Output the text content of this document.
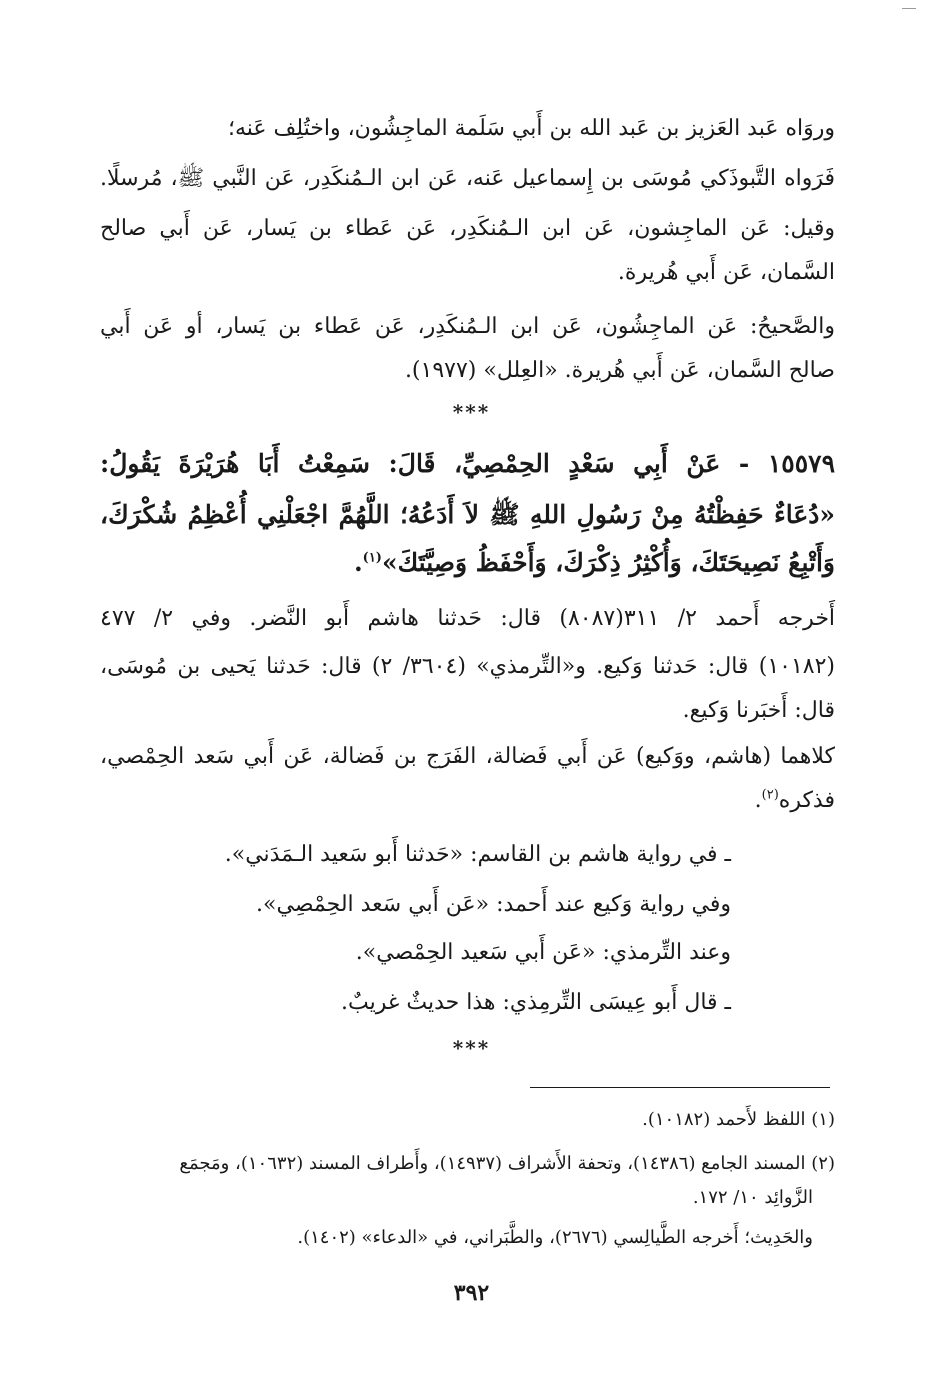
وروَاه عَبد العَزيز بن عَبد الله بن أَبي سَلَمة الماجِشُون، واختُلِف عَنه؛
فَرَواه التَّبوذَكي مُوسَى بن إِسماعيل عَنه، عَن ابن الـمُنكَدِر، عَن النَّبي ﷺ، مُرسلًا.
وقيل: عَن الماجِشون، عَن ابن الـمُنكَدِر، عَن عَطاء بن يَسار، عَن أَبي صالح
السَّمان، عَن أَبي هُريرة.
والصَّحيحُ: عَن الماجِشُون، عَن ابن الـمُنكَدِر، عَن عَطاء بن يَسار، أو عَن أَبي
صالح السَّمان، عَن أَبي هُريرة. «العِلل» (١٩٧٧).
***
١٥٥٧٩ - عَنْ أَبِي سَعْدٍ الحِمْصِيِّ، قَالَ: سَمِعْتُ أَبَا هُرَيْرَةَ يَقُولُ:
«دُعَاءٌ حَفِظْتُهُ مِنْ رَسُولِ اللهِ ﷺ لاَ أَدَعُهُ؛ اللَّهُمَّ اجْعَلْنِي أُعْظِمُ شُكْرَكَ،
وَأَتْبِعُ نَصِيحَتَكَ، وَأُكْثِرُ ذِكْرَكَ، وَأَحْفَظُ وَصِيَّتَكَ»$^{(١)}$.
أَخرجه أَحمد ٢/ ٣١١(٨٠٨٧) قال: حَدثنا هاشم أَبو النَّضر. وفي ٢/ ٤٧٧
(١٠١٨٢) قال: حَدثنا وَكيع. و«التِّرمذي» (٣٦٠٤/ ٢) قال: حَدثنا يَحيى بن مُوسَى،
قال: أَخبَرنا وَكيع.
كلاهما (هاشم، ووَكيع) عَن أَبي فَضالة، الفَرَج بن فَضالة، عَن أَبي سَعد الحِمْصي،
فذكره$^{(٢)}$.
ـ في رواية هاشم بن القاسم: «حَدثنا أَبو سَعيد الـمَدَني».
وفي رواية وَكيع عند أَحمد: «عَن أَبي سَعد الحِمْصِي».
وعند التِّرمذي: «عَن أَبي سَعيد الحِمْصي».
ـ قال أَبو عِيسَى التِّرمِذي: هذا حديثٌ غريبٌ.
***
(١) اللفظ لأَحمد (١٠١٨٢).
(٢) المسند الجامع (١٤٣٨٦)، وتحفة الأَشراف (١٤٩٣٧)، وأَطراف المسند (١٠٦٣٢)، ومَجمَع
الزَّوائِد ١٠/ ١٧٢.
والحَدِيث؛ أَخرجه الطَّيالِسي (٢٦٧٦)، والطَّبَراني، في «الدعاء» (١٤٠٢).
٣٩٢
